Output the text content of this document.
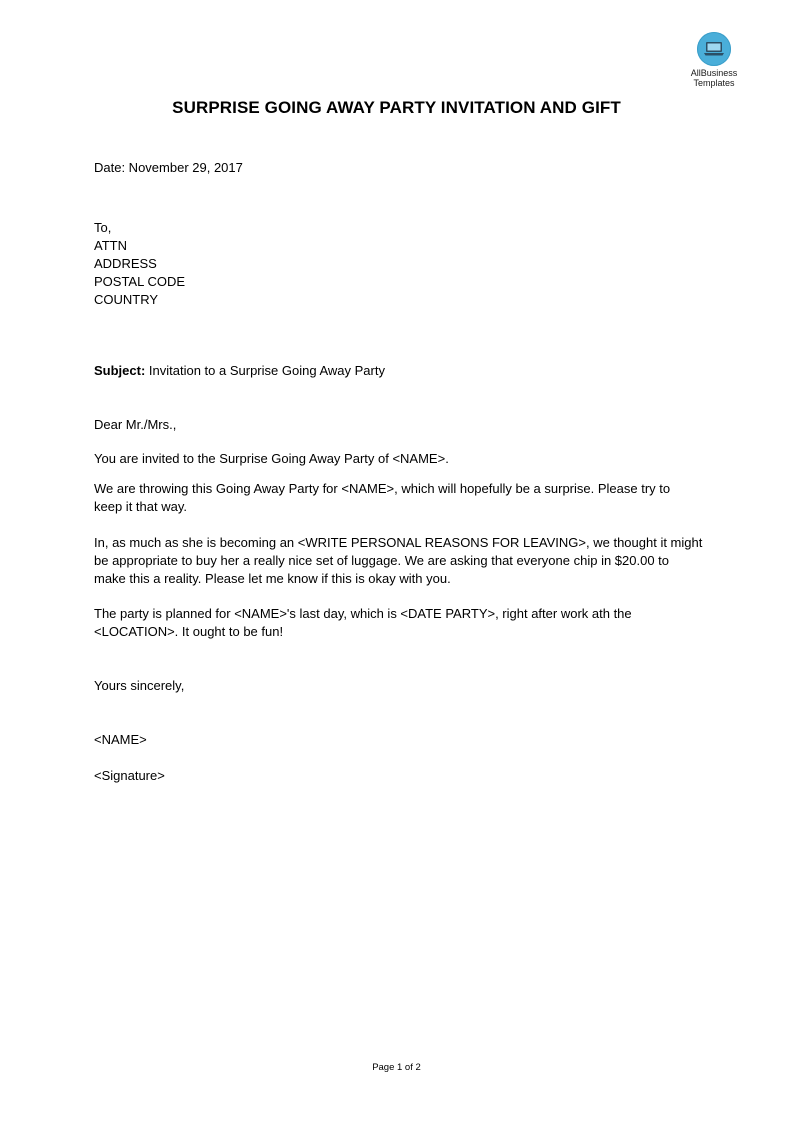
AllBusiness
Templates
SURPRISE GOING AWAY PARTY INVITATION AND GIFT
Date: November 29, 2017
To,
ATTN
ADDRESS
POSTAL CODE
COUNTRY
Subject: Invitation to a Surprise Going Away Party
Dear Mr./Mrs.,
You are invited to the Surprise Going Away Party of <NAME>.
We are throwing this Going Away Party for <NAME>, which will hopefully be a surprise. Please try to
keep it that way.
In, as much as she is becoming an <WRITE PERSONAL REASONS FOR LEAVING>, we thought it might
be appropriate to buy her a really nice set of luggage. We are asking that everyone chip in $20.00 to
make this a reality. Please let me know if this is okay with you.
The party is planned for <NAME>'s last day, which is <DATE PARTY>, right after work ath the
<LOCATION>. It ought to be fun!
Yours sincerely,
<NAME>
<Signature>
Page 1 of 2
